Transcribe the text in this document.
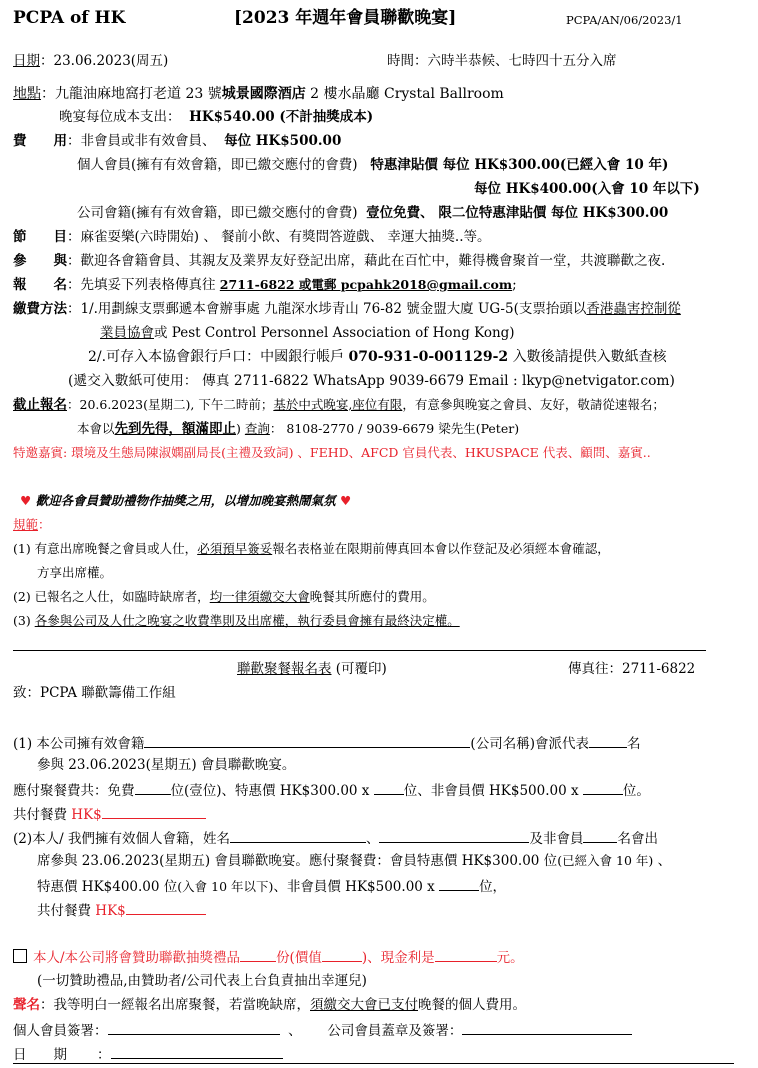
PCPA of HK	[2023 年週年會員聯歡晚宴]	PCPA/AN/06/2023/1
日期：23.06.2023(周五)	時間：六時半恭候、七時四十五分入席
地點：九龍油麻地窩打老道 23 號城景國際酒店 2 樓水晶廳 Crystal Ballroom
晚宴每位成本支出： HK$540.00 (不計抽獎成本)
費　　用：非會員或非有效會員、 每位 HK$500.00
個人會員(擁有有效會籍，即已繳交應付的會費) 特惠津貼價 每位 HK$300.00(已經入會 10 年)
每位 HK$400.00(入會 10 年以下)
公司會籍(擁有有效會籍，即已繳交應付的會費) 壹位免費、 限二位特惠津貼價 每位 HK$300.00
節　　目：麻雀耍樂(六時開始) 、 餐前小飲、有獎問答遊戲、 幸運大抽獎..等。
參　　與：歡迎各會籍會員、其親友及業界友好登記出席，藉此在百忙中，難得機會聚首一堂，共渡聯歡之夜.
報　　名：先填妥下列表格傳真往 2711-6822 或電郵 pcpahk2018@gmail.com;
繳費方法：1/.用劃線支票郵遞本會辦事處 九龍深水埗青山 76-82 號金盟大廈 UG-5(支票抬頭以香港蟲害控制從
業員協會或 Pest Control Personnel Association of Hong Kong)
2/.可存入本協會銀行戶口：中國銀行帳戶 070-931-0-001129-2 入數後請提供入數紙查核
(遞交入數紙可使用： 傳真 2711-6822 WhatsApp 9039-6679 Email : lkyp@netvigator.com)
截止報名：20.6.2023(星期二), 下午二時前；基於中式晚宴,座位有限，有意參與晚宴之會員、友好，敬請從速報名；
本會以先到先得，額滿即止) 查詢： 8108-2770 / 9039-6679 梁先生(Peter)
特邀嘉賓: 環境及生態局陳淑嫻副局長(主禮及致詞) 、FEHD、AFCD 官員代表、HKUSPACE 代表、顧問、嘉賓..
♥ 歡迎各會員贊助禮物作抽獎之用，以增加晚宴熱鬧氣氛 ♥
規範：
(1) 有意出席晚餐之會員或人仕，必須預早簽妥報名表格並在限期前傳真回本會以作登記及必須經本會確認，
方享出席權。
(2) 已報名之人仕，如臨時缺席者，均一律須繳交大會晚餐其所應付的費用。
(3) 各參與公司及人仕之晚宴之收費準則及出席權，執行委員會擁有最終決定權。
聯歡聚餐報名表 (可覆印)	傳真往：2711-6822
致：PCPA 聯歡籌備工作組
(1) 本公司擁有效會籍	(公司名稱)會派代表	名
參與 23.06.2023(星期五) 會員聯歡晚宴。
應付聚餐費共：免費	位(壹位)、特惠價 HK$300.00 x 位、非會員價 HK$500.00 x	位。
共付餐費 HK$
(2)本人/ 我們擁有效個人會籍，姓名	、	及非會員	名會出
席參與 23.06.2023(星期五) 會員聯歡晚宴。應付聚餐費：會員特惠價 HK$300.00 位(已經入會 10 年) 、
特惠價 HK$400.00 位(入會 10 年以下)、非會員價 HK$500.00 x	位，
共付餐費 HK$
本人/本公司將會贊助聯歡抽獎禮品	份(價值	)、現金利是	元。
(一切贊助禮品,由贊助者/公司代表上台負責抽出幸運兒)
聲名：我等明白一經報名出席聚餐，若當晚缺席，須繳交大會已支付晚餐的個人費用。
個人會員簽署：	、 公司會員蓋章及簽署：
日　　期 ：
